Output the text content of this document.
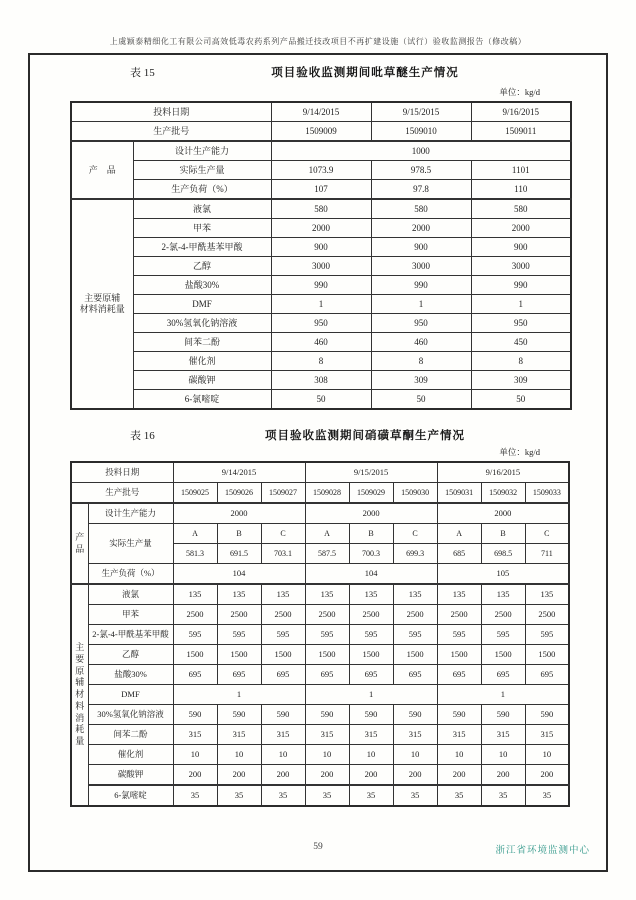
上虞颖泰精细化工有限公司高效低毒农药系列产品搬迁技改项目不再扩建设施（试行）验收监测报告（修改稿）
表 15	项目验收监测期间吡草醚生产情况
单位：kg/d
投料日期		9/14/2015	9/15/2015	9/16/2015
生产批号		1509009	1509010	1509011
产　品	设计生产能力	1000		
	实际生产量	1073.9	978.5	1101
	生产负荷（%）	107	97.8	110
主要原辅
材料消耗量	液氯	580	580	580
	甲苯	2000	2000	2000
	2-氯-4-甲酰基苯甲酸	900	900	900
	乙醇	3000	3000	3000
	盐酸30%	990	990	990
	DMF	1	1	1
	30%氢氧化钠溶液	950	950	950
	间苯二酚	460	460	450
	催化剂	8	8	8
	碳酸钾	308	309	309
	6-氯嘧啶	50	50	50
表 16	项目验收监测期间硝磺草酮生产情况
单位：kg/d
投料日期		9/14/2015			9/15/2015			9/16/2015		
生产批号		1509025	1509026	1509027	1509028	1509029	1509030	1509031	1509032	1509033

产品	设计生产能力	2000			2000			2000		
	实际生产量	A	B	C	A	B	C	A	B	C
		581.3	691.5	703.1	587.5	700.3	699.3	685	698.5	711
	生产负荷（%）	104			104			105		

主要原辅材料消耗量	液氯	135	135	135	135	135	135	135	135	135
	甲苯	2500	2500	2500	2500	2500	2500	2500	2500	2500
	2-氯-4-甲酰基苯甲酸	595	595	595	595	595	595	595	595	595
	乙醇	1500	1500	1500	1500	1500	1500	1500	1500	1500
	盐酸30%	695	695	695	695	695	695	695	695	695
	DMF	1			1			1		
	30%氢氧化钠溶液	590	590	590	590	590	590	590	590	590
	间苯二酚	315	315	315	315	315	315	315	315	315
	催化剂	10	10	10	10	10	10	10	10	10
	碳酸钾	200	200	200	200	200	200	200	200	200
	6-氯嘧啶	35	35	35	35	35	35	35	35	35
59	浙江省环境监测中心
